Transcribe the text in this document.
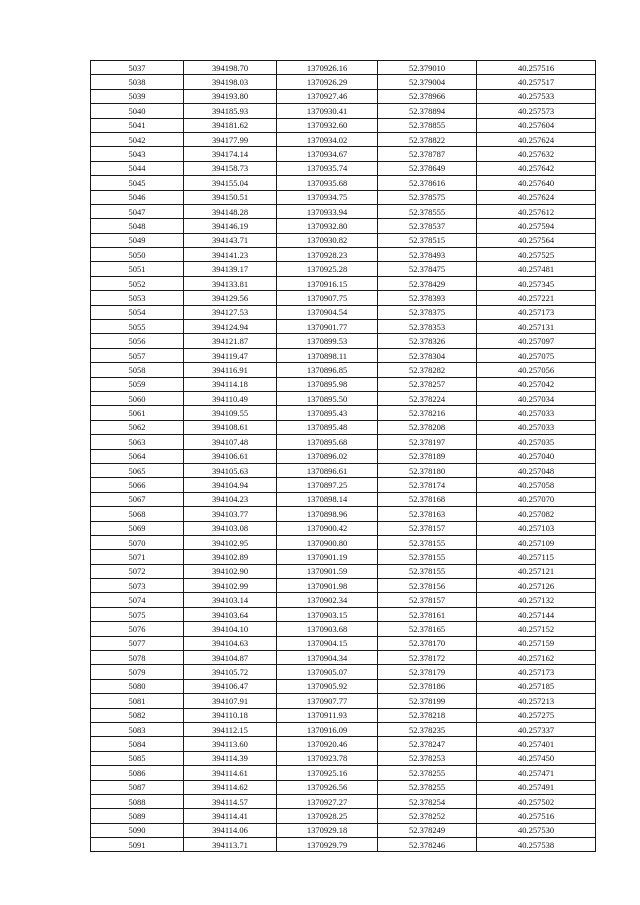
5037	394198.70	1370926.16	52.379010	40.257516
5038	394198.03	1370926.29	52.379004	40.257517
5039	394193.80	1370927.46	52.378966	40.257533
5040	394185.93	1370930.41	52.378894	40.257573
5041	394181.62	1370932.60	52.378855	40.257604
5042	394177.99	1370934.02	52.378822	40.257624
5043	394174.14	1370934.67	52.378787	40.257632
5044	394158.73	1370935.74	52.378649	40.257642
5045	394155.04	1370935.68	52.378616	40.257640
5046	394150.51	1370934.75	52.378575	40.257624
5047	394148.28	1370933.94	52.378555	40.257612
5048	394146.19	1370932.80	52.378537	40.257594
5049	394143.71	1370930.82	52.378515	40.257564
5050	394141.23	1370928.23	52.378493	40.257525
5051	394139.17	1370925.28	52.378475	40.257481
5052	394133.81	1370916.15	52.378429	40.257345
5053	394129.56	1370907.75	52.378393	40.257221
5054	394127.53	1370904.54	52.378375	40.257173
5055	394124.94	1370901.77	52.378353	40.257131
5056	394121.87	1370899.53	52.378326	40.257097
5057	394119.47	1370898.11	52.378304	40.257075
5058	394116.91	1370896.85	52.378282	40.257056
5059	394114.18	1370895.98	52.378257	40.257042
5060	394110.49	1370895.50	52.378224	40.257034
5061	394109.55	1370895.43	52.378216	40.257033
5062	394108.61	1370895.48	52.378208	40.257033
5063	394107.48	1370895.68	52.378197	40.257035
5064	394106.61	1370896.02	52.378189	40.257040
5065	394105.63	1370896.61	52.378180	40.257048
5066	394104.94	1370897.25	52.378174	40.257058
5067	394104.23	1370898.14	52.378168	40.257070
5068	394103.77	1370898.96	52.378163	40.257082
5069	394103.08	1370900.42	52.378157	40.257103
5070	394102.95	1370900.80	52.378155	40.257109
5071	394102.89	1370901.19	52.378155	40.257115
5072	394102.90	1370901.59	52.378155	40.257121
5073	394102.99	1370901.98	52.378156	40.257126
5074	394103.14	1370902.34	52.378157	40.257132
5075	394103.64	1370903.15	52.378161	40.257144
5076	394104.10	1370903.68	52.378165	40.257152
5077	394104.63	1370904.15	52.378170	40.257159
5078	394104.87	1370904.34	52.378172	40.257162
5079	394105.72	1370905.07	52.378179	40.257173
5080	394106.47	1370905.92	52.378186	40.257185
5081	394107.91	1370907.77	52.378199	40.257213
5082	394110.18	1370911.93	52.378218	40.257275
5083	394112.15	1370916.09	52.378235	40.257337
5084	394113.60	1370920.46	52.378247	40.257401
5085	394114.39	1370923.78	52.378253	40.257450
5086	394114.61	1370925.16	52.378255	40.257471
5087	394114.62	1370926.56	52.378255	40.257491
5088	394114.57	1370927.27	52.378254	40.257502
5089	394114.41	1370928.25	52.378252	40.257516
5090	394114.06	1370929.18	52.378249	40.257530
5091	394113.71	1370929.79	52.378246	40.257538
